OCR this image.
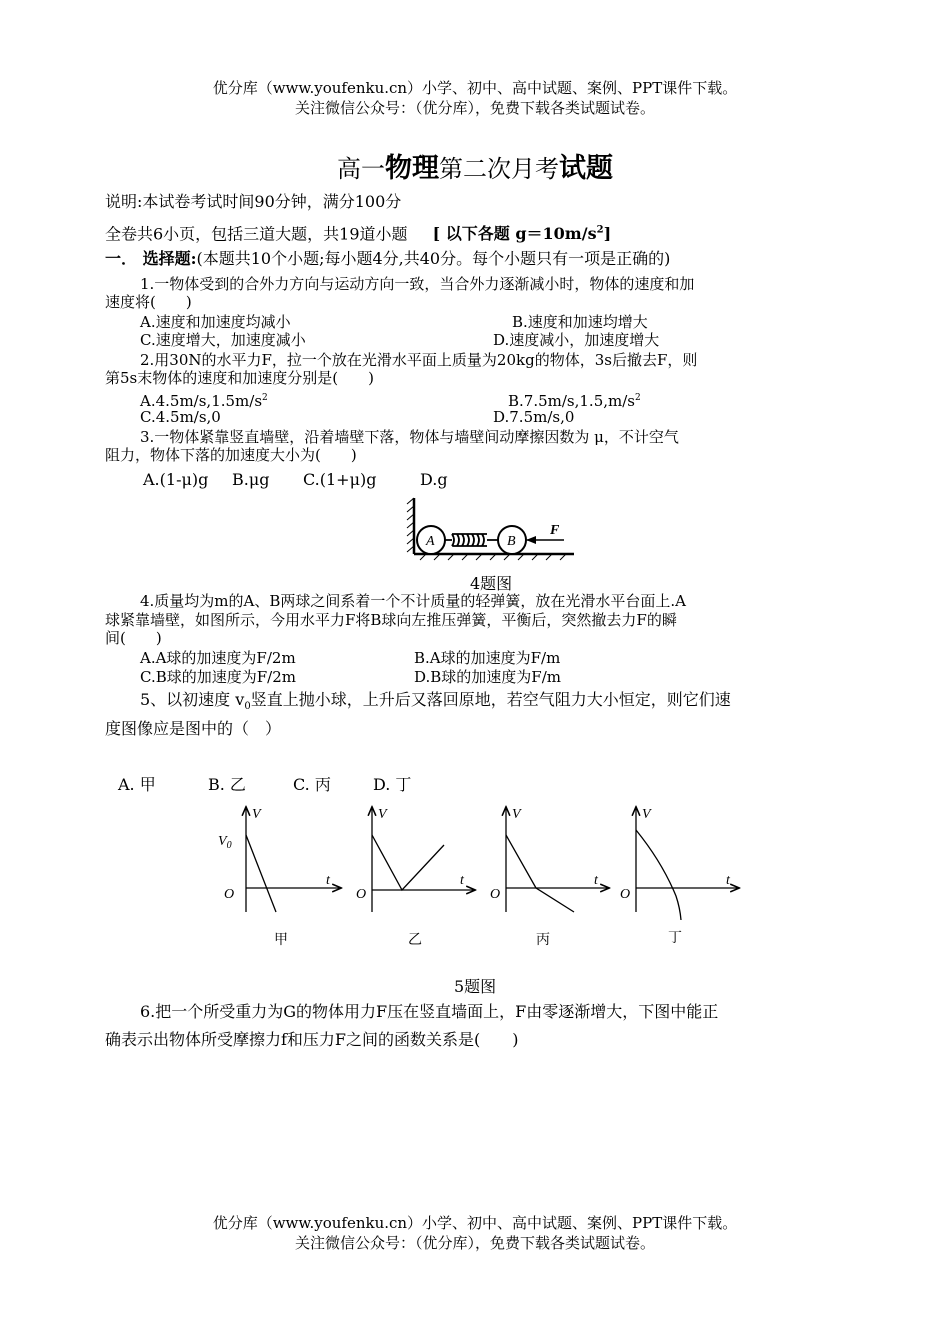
优分库（www.youfenku.cn）小学、初中、高中试题、案例、PPT课件下载。
关注微信公众号：（优分库），免费下载各类试题试卷。
高一物理第二次月考试题
说明:本试卷考试时间90分钟，满分100分
全卷共6小页，包括三道大题，共19道小题 [ 以下各题 $g=10m/s^2$]
一． 选择题:(本题共10个小题;每小题4分,共40分。每个小题只有一项是正确的)
1.一物体受到的合外力方向与运动方向一致，当合外力逐渐减小时，物体的速度和加
速度将(　　)
A.速度和加速度均减小	B.速度和加速均增大
C.速度增大，加速度减小	D.速度减小，加速度增大
2.用30N的水平力F，拉一个放在光滑水平面上质量为20kg的物体，3s后撤去F，则
第5s末物体的速度和加速度分别是(　　)
$A.4.5m/s,1.5m/s^2$	$B.7.5m/s,1.5,m/s^2$
C.4.5m/s,0	D.7.5m/s,0
3.一物体紧靠竖直墙壁，沿着墙壁下落，物体与墙壁间动摩擦因数为 μ，不计空气
阻力，物体下落的加速度大小为(　　)
A.(1-μ)g B.μg C.(1+μ)g	D.g
A	B
F
4题图
4.质量均为m的A、B两球之间系着一个不计质量的轻弹簧，放在光滑水平台面上.A
球紧靠墙壁，如图所示，今用水平力F将B球向左推压弹簧，平衡后，突然撤去力F的瞬
间(　　)
A.A球的加速度为F/2m	B.A球的加速度为F/m
C.B球的加速度为F/2m	D.B球的加速度为F/m
5、以初速度 $v_0$竖直上抛小球，上升后又落回原地，若空气阻力大小恒定，则它们速
度图像应是图中的（　）
A. 甲	B. 乙	C. 丙	D. 丁
V
t
O
$V_0$
甲
V
t
O
乙
V
t
O
丙
V
t
O
丁
5题图
6.把一个所受重力为G的物体用力F压在竖直墙面上，F由零逐渐增大，下图中能正
确表示出物体所受摩擦力f和压力F之间的函数关系是(　　)
优分库（www.youfenku.cn）小学、初中、高中试题、案例、PPT课件下载。
关注微信公众号：（优分库），免费下载各类试题试卷。
